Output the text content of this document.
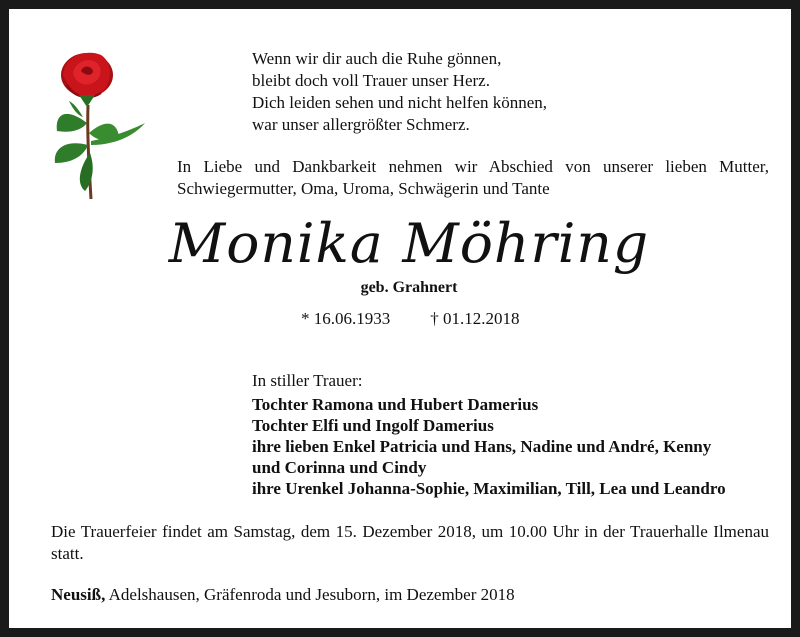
Wenn wir dir auch die Ruhe gönnen,
bleibt doch voll Trauer unser Herz.
Dich leiden sehen und nicht helfen können,
war unser allergrößter Schmerz.
In Liebe und Dankbarkeit nehmen wir Abschied von unserer lieben Mutter, Schwiegermutter, Oma, Uroma, Schwägerin und Tante
Monika Möhring
geb. Grahnert
* 16.06.1933 † 01.12.2018
In stiller Trauer:
Tochter Ramona und Hubert Damerius
Tochter Elfi und Ingolf Damerius
ihre lieben Enkel Patricia und Hans, Nadine und André, Kenny
und Corinna und Cindy
ihre Urenkel Johanna-Sophie, Maximilian, Till, Lea und Leandro
Die Trauerfeier findet am Samstag, dem 15. Dezember 2018, um 10.00 Uhr in der Trauerhalle Ilmenau statt.
Neusiß, Adelshausen, Gräfenroda und Jesuborn, im Dezember 2018
